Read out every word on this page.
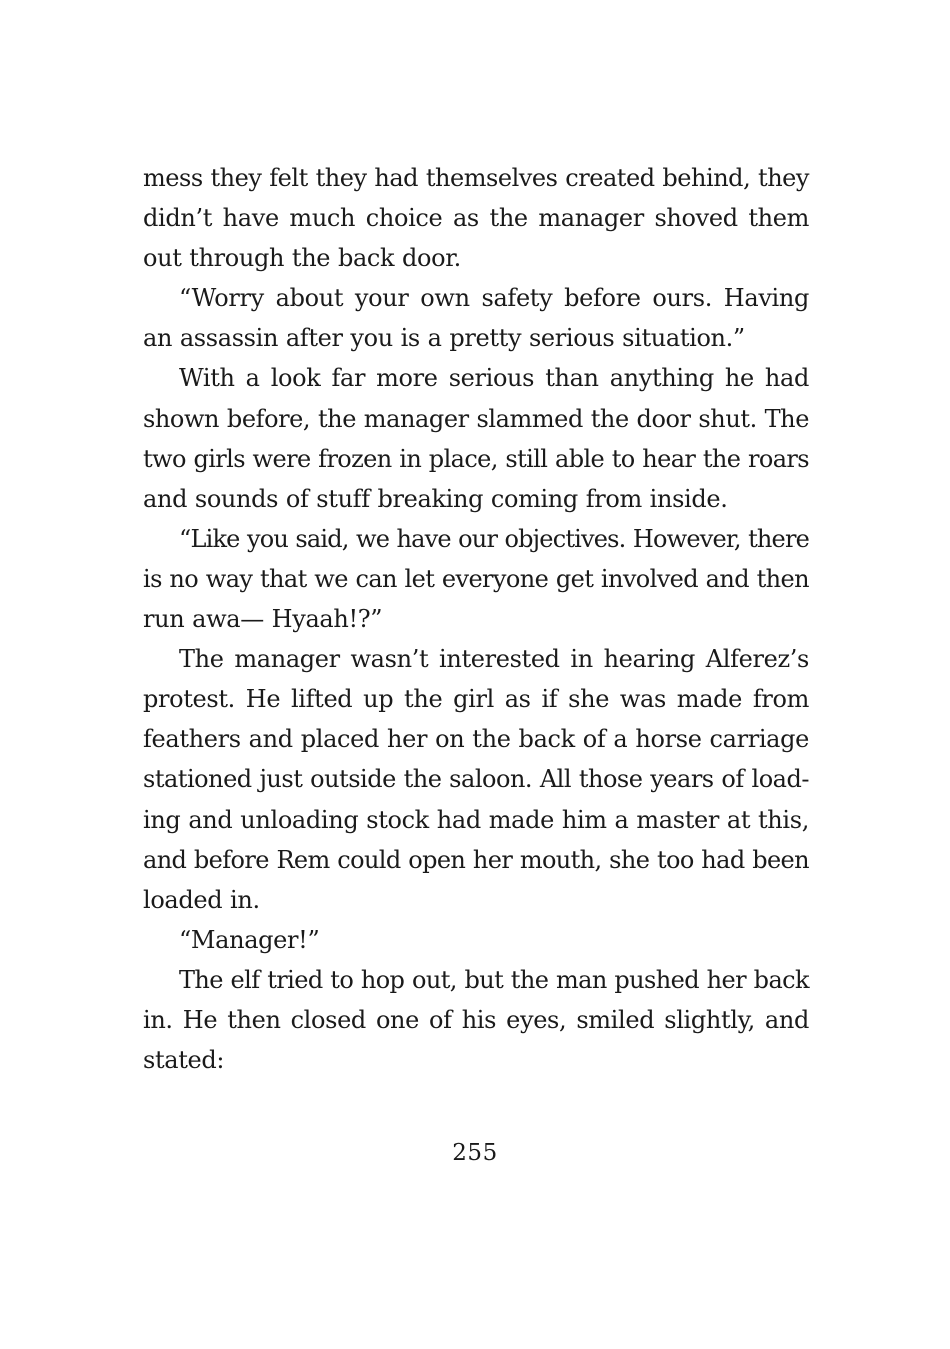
mess they felt they had themselves created behind, they
didn’t have much choice as the manager shoved them
out through the back door.
“Worry about your own safety before ours. Having
an assassin after you is a pretty serious situation.”
With a look far more serious than anything he had
shown before, the manager slammed the door shut. The
two girls were frozen in place, still able to hear the roars
and sounds of stuff breaking coming from inside.
“Like you said, we have our objectives. However, there
is no way that we can let everyone get involved and then
run awa— Hyaah!?”
The manager wasn’t interested in hearing Alferez’s
protest. He lifted up the girl as if she was made from
feathers and placed her on the back of a horse carriage
stationed just outside the saloon. All those years of load-
ing and unloading stock had made him a master at this,
and before Rem could open her mouth, she too had been
loaded in.
“Manager!”
The elf tried to hop out, but the man pushed her back
in. He then closed one of his eyes, smiled slightly, and
stated:
255
